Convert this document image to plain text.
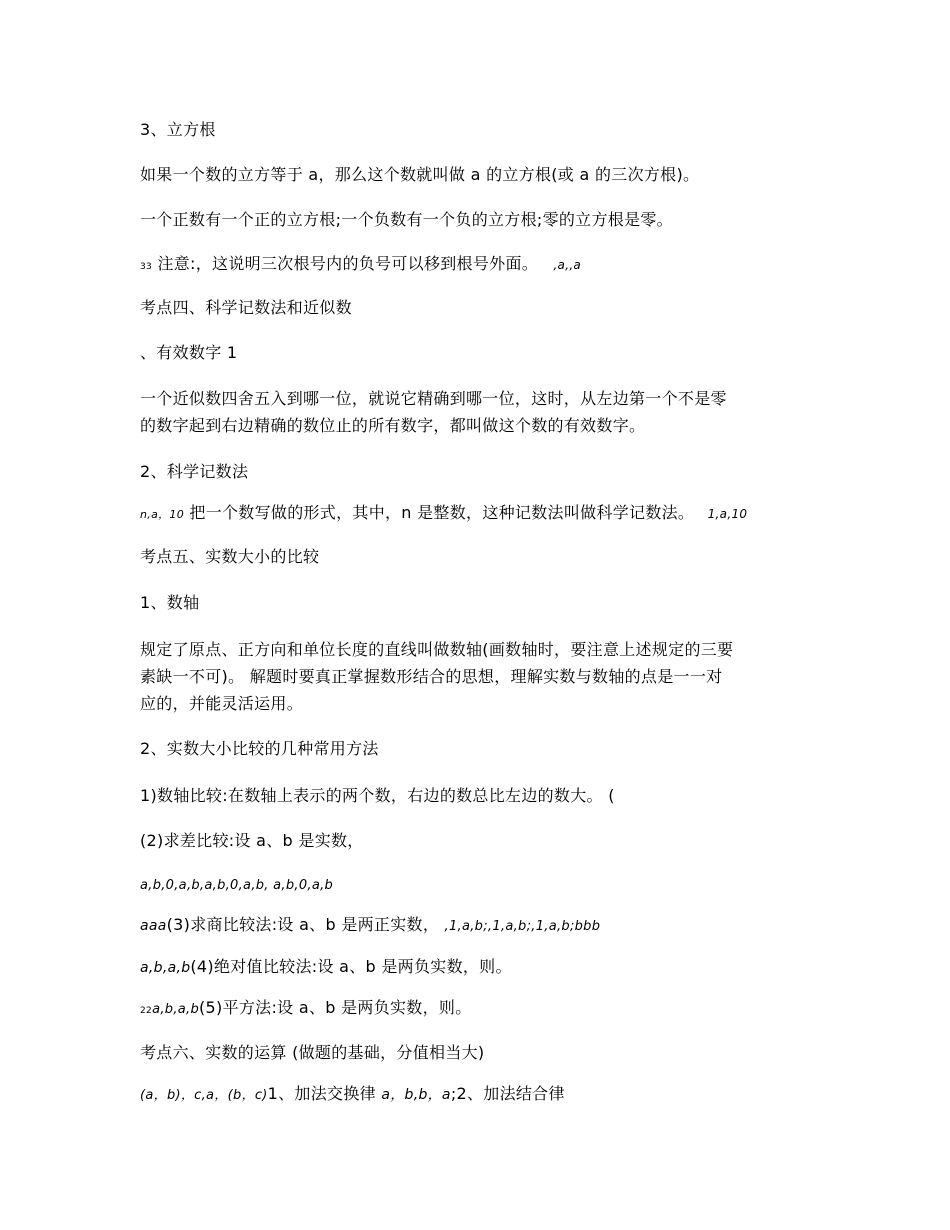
3、立方根
如果一个数的立方等于 a，那么这个数就叫做 a 的立方根(或 a 的三次方根)。
一个正数有一个正的立方根;一个负数有一个负的立方根;零的立方根是零。
33 注意:，这说明三次根号内的负号可以移到根号外面。 ,a,,a
考点四、科学记数法和近似数
、有效数字 1
一个近似数四舍五入到哪一位，就说它精确到哪一位，这时，从左边第一个不是零
的数字起到右边精确的数位止的所有数字，都叫做这个数的有效数字。
2、科学记数法
n,a，10 把一个数写做的形式，其中，n 是整数，这种记数法叫做科学记数法。 1,a,10
考点五、实数大小的比较
1、数轴
规定了原点、正方向和单位长度的直线叫做数轴(画数轴时，要注意上述规定的三要
素缺一不可)。 解题时要真正掌握数形结合的思想，理解实数与数轴的点是一一对
应的，并能灵活运用。
2、实数大小比较的几种常用方法
1)数轴比较:在数轴上表示的两个数，右边的数总比左边的数大。 (
(2)求差比较:设 a、b 是实数，
a,b,0,a,b,a,b,0,a,b, a,b,0,a,b
aaa(3)求商比较法:设 a、b 是两正实数， ,1,a,b;,1,a,b;,1,a,b;bbb
a,b,a,b(4)绝对值比较法:设 a、b 是两负实数，则。
22a,b,a,b(5)平方法:设 a、b 是两负实数，则。
考点六、实数的运算 (做题的基础，分值相当大)
(a，b)，c,a，(b，c)1、加法交换律 a，b,b，a;2、加法结合律
